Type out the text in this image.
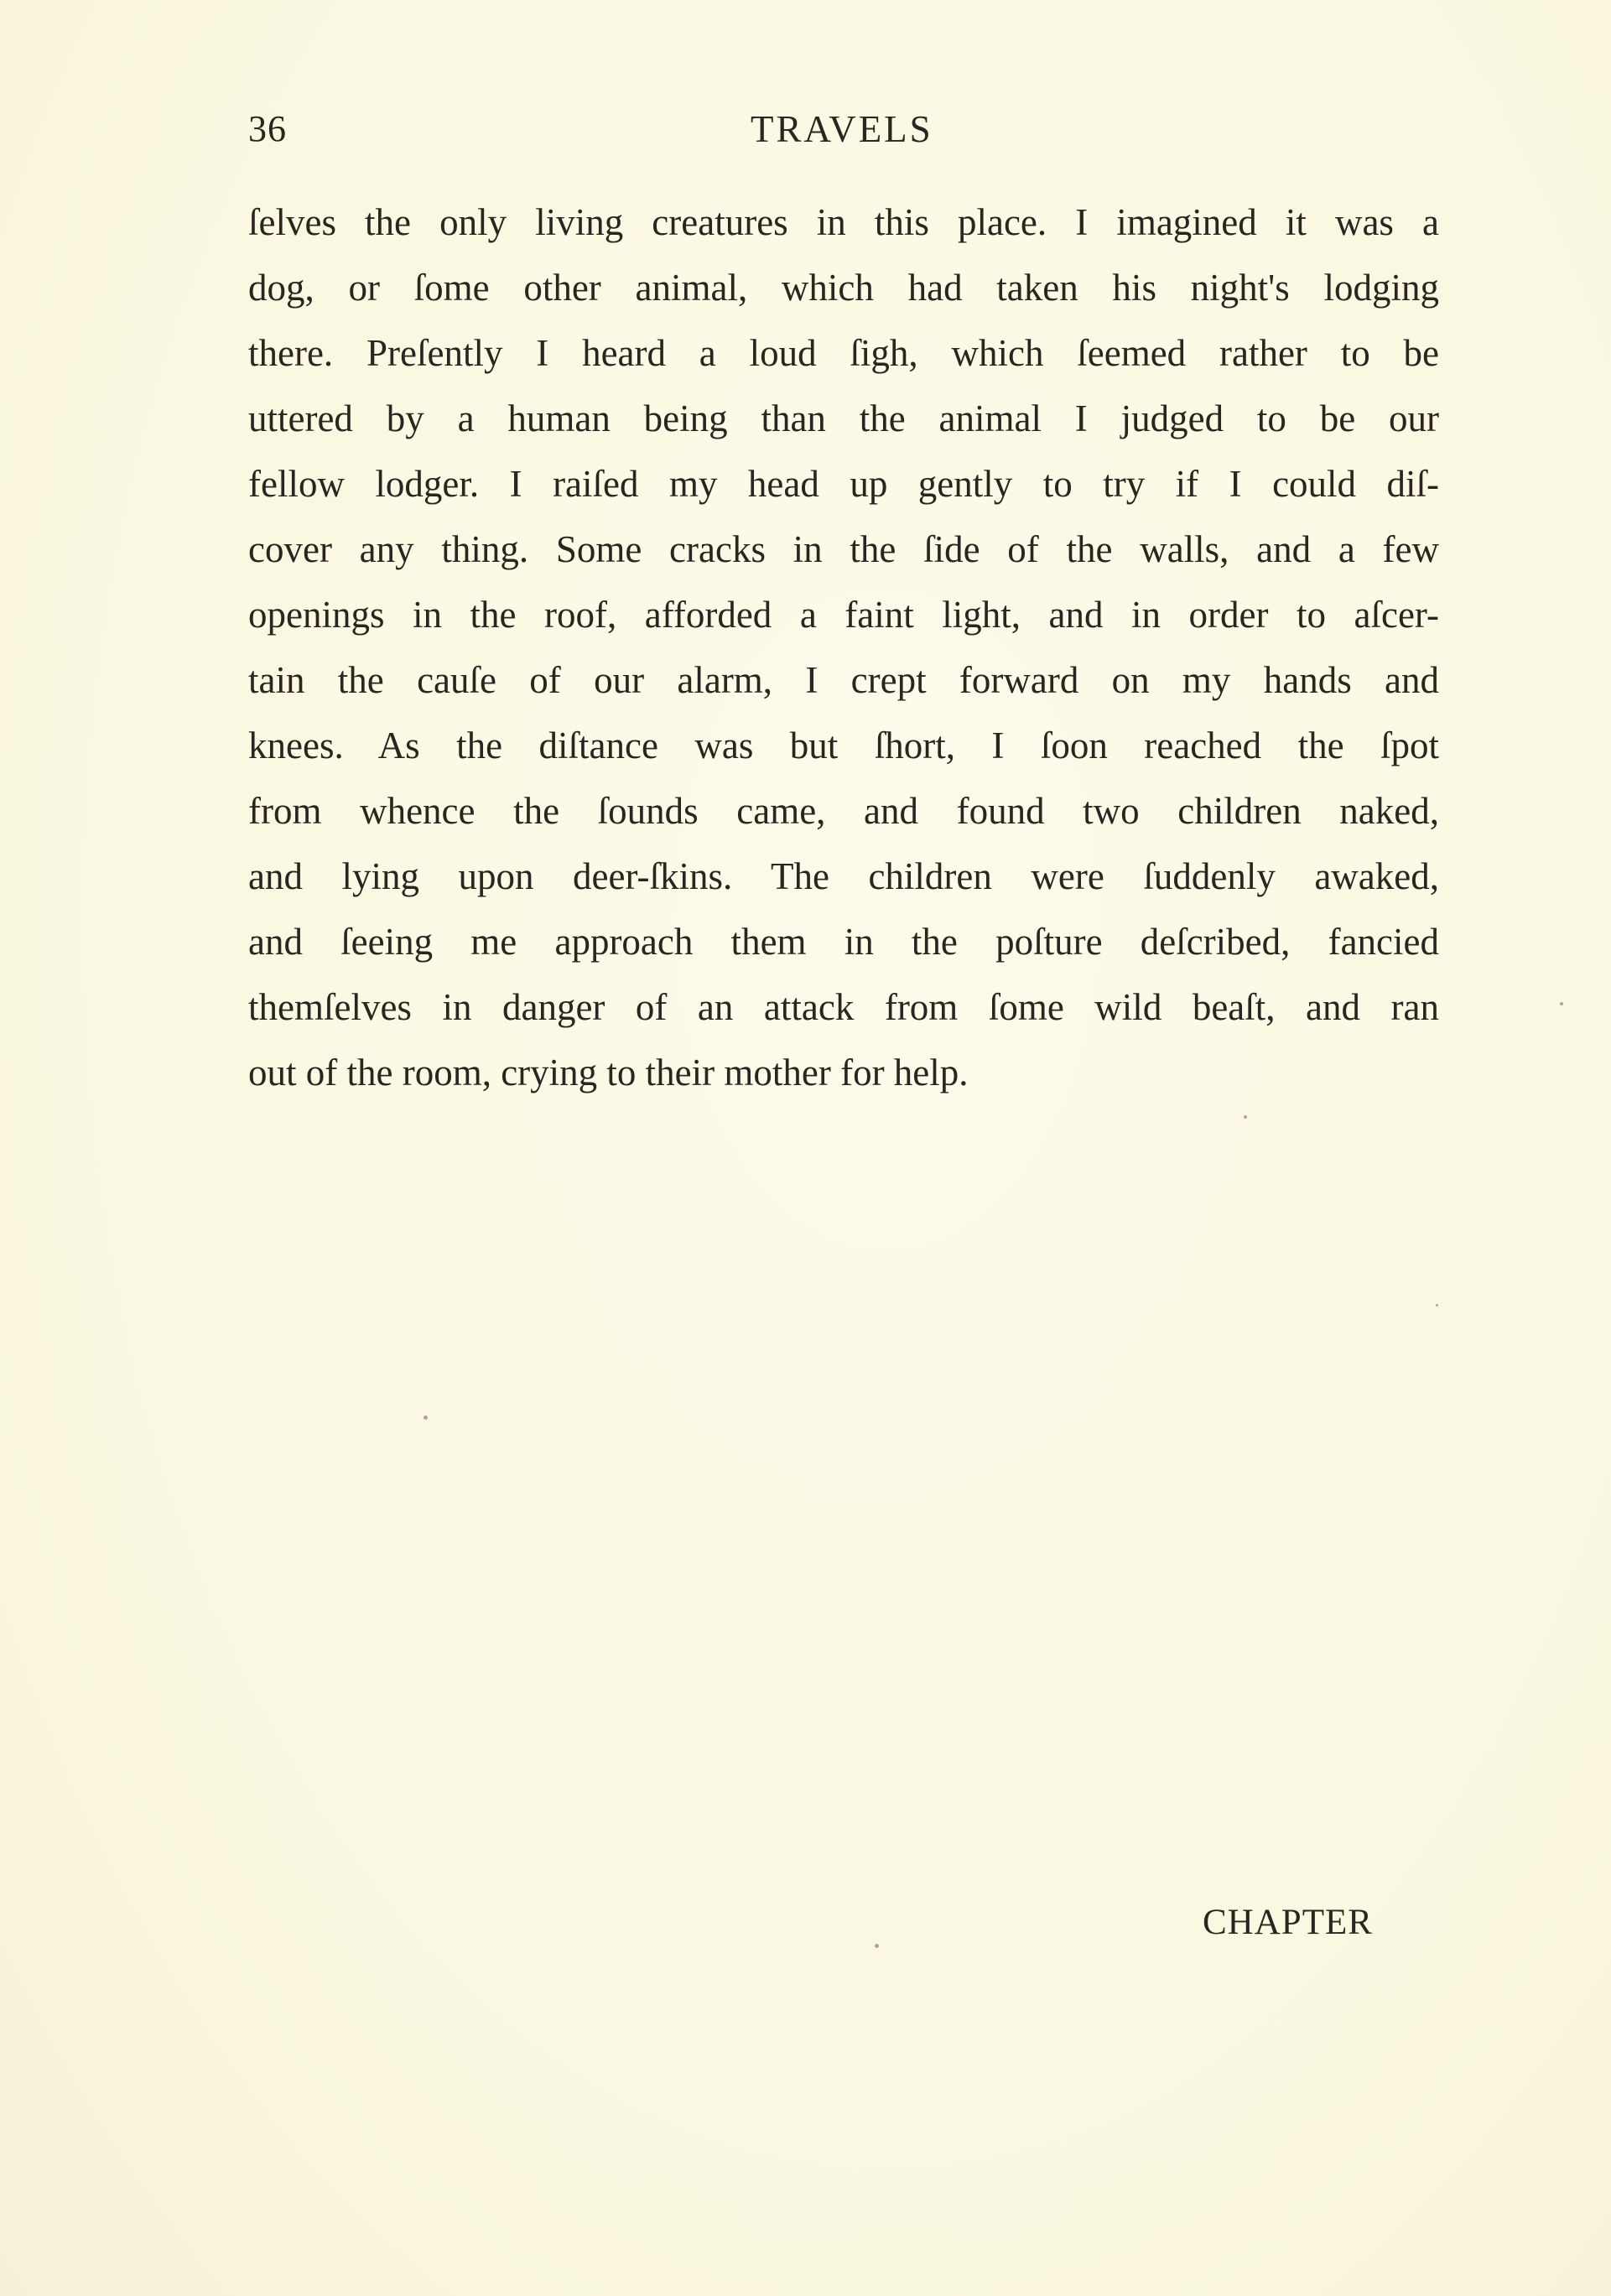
36	TRAVELS
ſelves the only living creatures in this place. I imagined it was a
dog, or ſome other animal, which had taken his night's lodging
there. Preſently I heard a loud ſigh, which ſeemed rather to be
uttered by a human being than the animal I judged to be our
fellow lodger. I raiſed my head up gently to try if I could diſ-
cover any thing. Some cracks in the ſide of the walls, and a few
openings in the roof, afforded a faint light, and in order to aſcer-
tain the cauſe of our alarm, I crept forward on my hands and
knees. As the diſtance was but ſhort, I ſoon reached the ſpot
from whence the ſounds came, and found two children naked,
and lying upon deer-ſkins. The children were ſuddenly awaked,
and ſeeing me approach them in the poſture deſcribed, fancied
themſelves in danger of an attack from ſome wild beaſt, and ran
out of the room, crying to their mother for help.
CHAPTER
